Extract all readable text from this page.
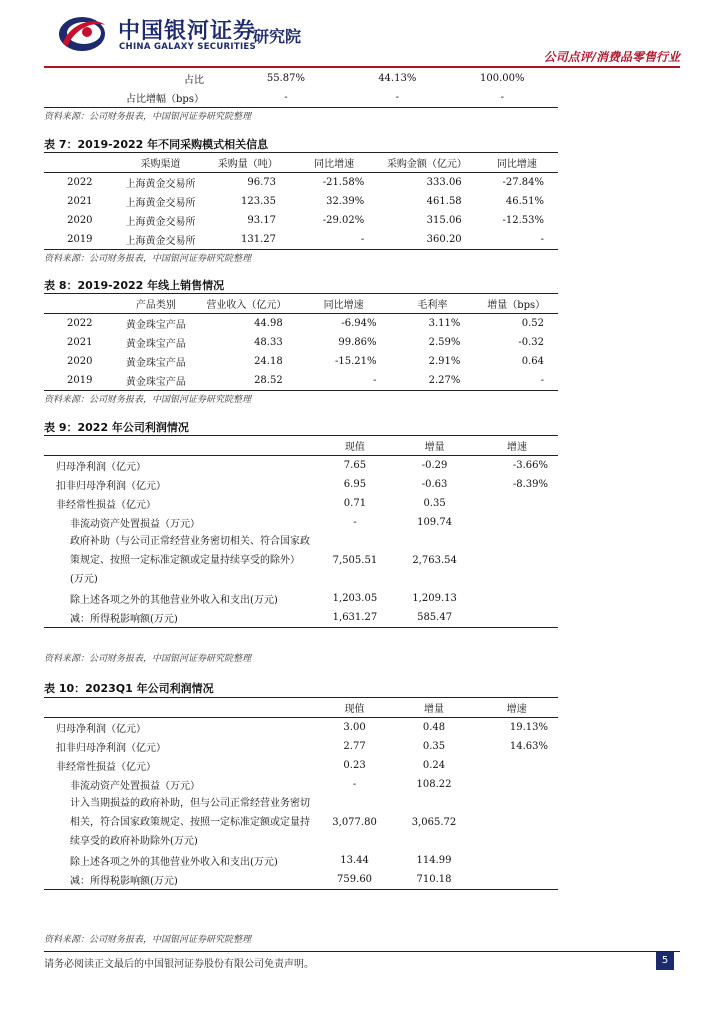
中国银河证券
CHINA GALAXY SECURITIES
研究院
公司点评/消费品零售行业
占比	55.87%	44.13%	100.00%
占比增幅（bps）	-	-	-
资料来源：公司财务报表，中国银河证券研究院整理
表 7：2019-2022 年不同采购模式相关信息
	采购渠道	采购量（吨）	同比增速	采购金额（亿元）	同比增速
2022	上海黄金交易所	96.73	-21.58%	333.06	-27.84%
2021	上海黄金交易所	123.35	32.39%	461.58	46.51%
2020	上海黄金交易所	93.17	-29.02%	315.06	-12.53%
2019	上海黄金交易所	131.27	-	360.20	-
资料来源：公司财务报表，中国银河证券研究院整理
表 8：2019-2022 年线上销售情况
	产品类别	营业收入（亿元）	同比增速	毛利率	增量（bps）
2022	黄金珠宝产品	44.98	-6.94%	3.11%	0.52
2021	黄金珠宝产品	48.33	99.86%	2.59%	-0.32
2020	黄金珠宝产品	24.18	-15.21%	2.91%	0.64
2019	黄金珠宝产品	28.52	-	2.27%	-
资料来源：公司财务报表，中国银河证券研究院整理
表 9：2022 年公司利润情况
	现值	增量	增速
归母净利润（亿元）	7.65	-0.29	-3.66%
扣非归母净利润（亿元）	6.95	-0.63	-8.39%
非经常性损益（亿元）	0.71	0.35	
非流动资产处置损益（万元）	-	109.74	
政府补助（与公司正常经营业务密切相关、符合国家政策规定、按照一定标准定额或定量持续享受的除外）(万元)	7,505.51	2,763.54	
除上述各项之外的其他营业外收入和支出(万元)	1,203.05	1,209.13	
减：所得税影响额(万元)	1,631.27	585.47	
资料来源：公司财务报表，中国银河证券研究院整理
表 10：2023Q1 年公司利润情况
	现值	增量	增速
归母净利润（亿元）	3.00	0.48	19.13%
扣非归母净利润（亿元）	2.77	0.35	14.63%
非经常性损益（亿元）	0.23	0.24	
非流动资产处置损益（万元）	-	108.22	
计入当期损益的政府补助，但与公司正常经营业务密切相关，符合国家政策规定、按照一定标准定额或定量持续享受的政府补助除外(万元)	3,077.80	3,065.72	
除上述各项之外的其他营业外收入和支出(万元)	13.44	114.99	
减：所得税影响额(万元)	759.60	710.18	
资料来源：公司财务报表，中国银河证券研究院整理
请务必阅读正文最后的中国银河证券股份有限公司免责声明。	5
